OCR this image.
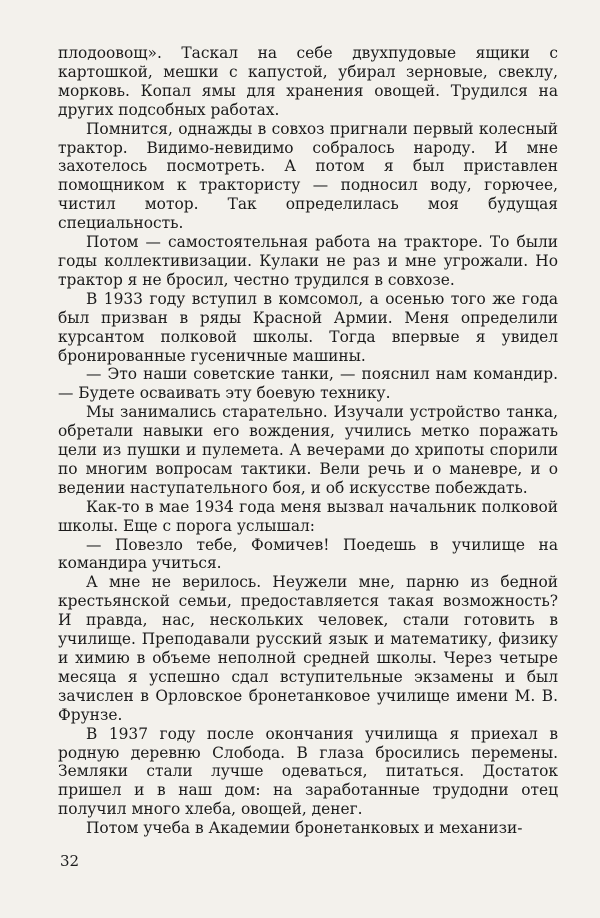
плодоовощ». Таскал на себе двухпудовые ящики с картошкой, мешки с капустой, убирал зерновые, свеклу, морковь. Копал ямы для хранения овощей. Трудился на других подсобных работах.

Помнится, однажды в совхоз пригнали первый колесный трактор. Видимо-невидимо собралось народу. И мне захотелось посмотреть. А потом я был приставлен помощником к трактористу — подносил воду, горючее, чистил мотор. Так определилась моя будущая специальность.

Потом — самостоятельная работа на тракторе. То были годы коллективизации. Кулаки не раз и мне угрожали. Но трактор я не бросил, честно трудился в совхозе.

В 1933 году вступил в комсомол, а осенью того же года был призван в ряды Красной Армии. Меня определили курсантом полковой школы. Тогда впервые я увидел бронированные гусеничные машины.

— Это наши советские танки, — пояснил нам командир. — Будете осваивать эту боевую технику.

Мы занимались старательно. Изучали устройство танка, обретали навыки его вождения, учились метко поражать цели из пушки и пулемета. А вечерами до хрипоты спорили по многим вопросам тактики. Вели речь и о маневре, и о ведении наступательного боя, и об искусстве побеждать.

Как-то в мае 1934 года меня вызвал начальник полковой школы. Еще с порога услышал:

— Повезло тебе, Фомичев! Поедешь в училище на командира учиться.

А мне не верилось. Неужели мне, парню из бедной крестьянской семьи, предоставляется такая возможность? И правда, нас, нескольких человек, стали готовить в училище. Преподавали русский язык и математику, физику и химию в объеме неполной средней школы. Через четыре месяца я успешно сдал вступительные экзамены и был зачислен в Орловское бронетанковое училище имени М. В. Фрунзе.

В 1937 году после окончания училища я приехал в родную деревню Слобода. В глаза бросились перемены. Земляки стали лучше одеваться, питаться. Достаток пришел и в наш дом: на заработанные трудодни отец получил много хлеба, овощей, денег.

Потом учеба в Академии бронетанковых и механизи-

32
